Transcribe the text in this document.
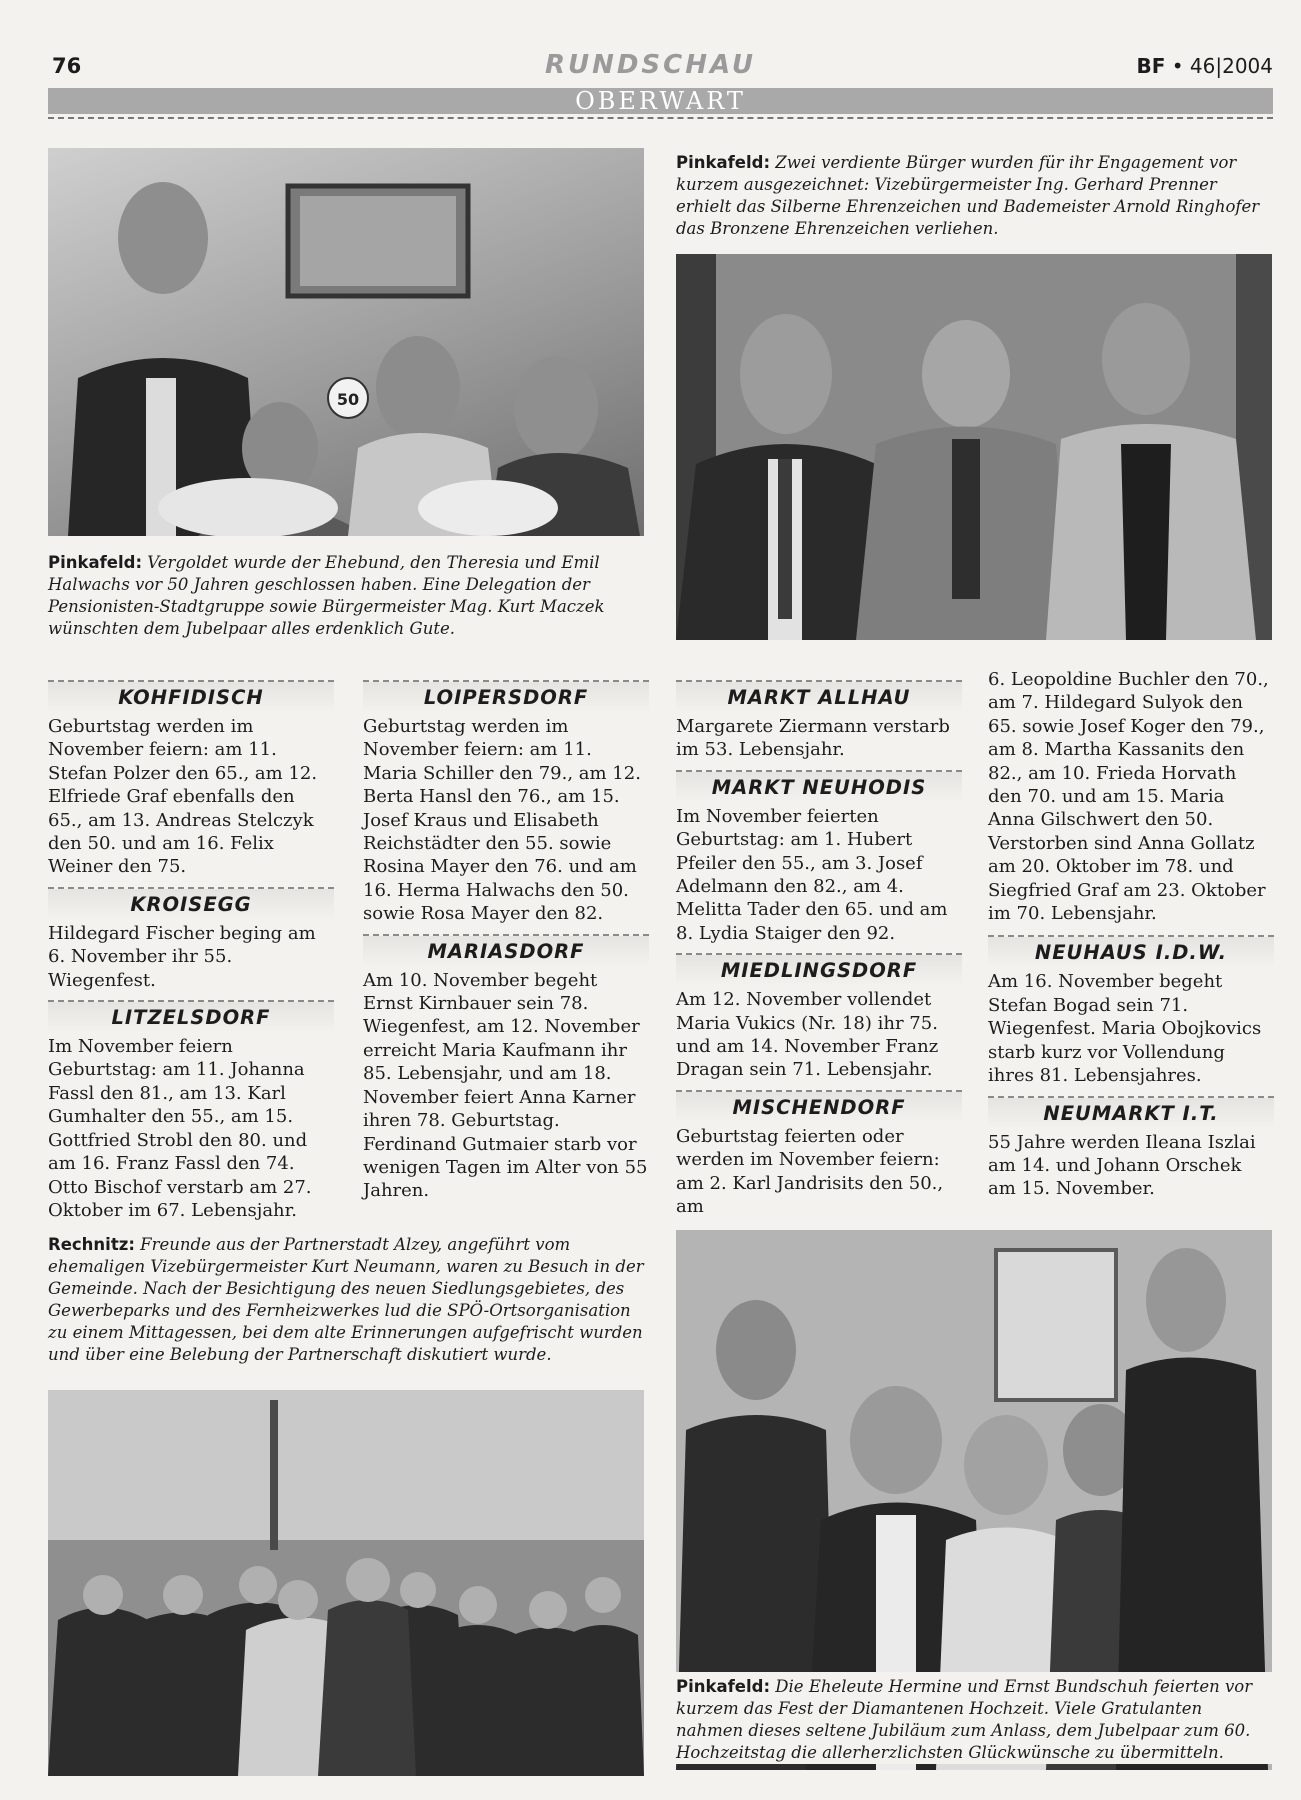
76	RUNDSCHAU	BF • 46|2004
OBERWART
50
Pinkafeld: Vergoldet wurde der Ehebund, den Theresia und Emil Halwachs vor 50 Jahren geschlossen haben. Eine Delegation der Pensionisten-Stadtgruppe sowie Bürgermeister Mag. Kurt Maczek wünschten dem Jubelpaar alles erdenklich Gute.
Pinkafeld: Zwei verdiente Bürger wurden für ihr Engagement vor kurzem ausgezeichnet: Vizebürgermeister Ing. Gerhard Prenner erhielt das Silberne Ehrenzeichen und Bademeister Arnold Ringhofer das Bronzene Ehrenzeichen verliehen.
KOHFIDISCH

Geburtstag werden im November feiern: am 11. Stefan Polzer den 65., am 12. Elfriede Graf ebenfalls den 65., am 13. Andreas Stelczyk den 50. und am 16. Felix Weiner den 75.

KROISEGG

Hildegard Fischer beging am 6. November ihr 55. Wiegenfest.

LITZELSDORF

Im November feiern Geburtstag: am 11. Johanna Fassl den 81., am 13. Karl Gumhalter den 55., am 15. Gottfried Strobl den 80. und am 16. Franz Fassl den 74.

Otto Bischof verstarb am 27. Oktober im 67. Lebensjahr.

LOIPERSDORF

Geburtstag werden im November feiern: am 11. Maria Schiller den 79., am 12. Berta Hansl den 76., am 15. Josef Kraus und Elisabeth Reichstädter den 55. sowie Rosina Mayer den 76. und am 16. Herma Halwachs den 50. sowie Rosa Mayer den 82.

MARIASDORF

Am 10. November begeht Ernst Kirnbauer sein 78. Wiegenfest, am 12. November erreicht Maria Kaufmann ihr 85. Lebensjahr, und am 18. November feiert Anna Karner ihren 78. Geburtstag.

Ferdinand Gutmaier starb vor wenigen Tagen im Alter von 55 Jahren.

MARKT ALLHAU

Margarete Ziermann verstarb im 53. Lebensjahr.

MARKT NEUHODIS

Im November feierten Geburtstag: am 1. Hubert Pfeiler den 55., am 3. Josef Adelmann den 82., am 4. Melitta Tader den 65. und am 8. Lydia Staiger den 92.

MIEDLINGSDORF

Am 12. November vollendet Maria Vukics (Nr. 18) ihr 75. und am 14. November Franz Dragan sein 71. Lebensjahr.

MISCHENDORF

Geburtstag feierten oder werden im November feiern: am 2. Karl Jandrisits den 50., am

6. Leopoldine Buchler den 70., am 7. Hildegard Sulyok den 65. sowie Josef Koger den 79., am 8. Martha Kassanits den 82., am 10. Frieda Horvath den 70. und am 15. Maria Anna Gilschwert den 50. Verstorben sind Anna Gollatz am 20. Oktober im 78. und Siegfried Graf am 23. Oktober im 70. Lebensjahr.

NEUHAUS I.D.W.

Am 16. November begeht Stefan Bogad sein 71. Wiegenfest. Maria Obojkovics starb kurz vor Vollendung ihres 81. Lebensjahres.

NEUMARKT I.T.

55 Jahre werden Ileana Iszlai am 14. und Johann Orschek am 15. November.

Rechnitz: Freunde aus der Partnerstadt Alzey, angeführt vom ehemaligen Vizebürgermeister Kurt Neumann, waren zu Besuch in der Gemeinde. Nach der Besichtigung des neuen Siedlungsgebietes, des Gewerbeparks und des Fernheizwerkes lud die SPÖ-Ortsorganisation zu einem Mittagessen, bei dem alte Erinnerungen aufgefrischt wurden und über eine Belebung der Partnerschaft diskutiert wurde.
Pinkafeld: Die Eheleute Hermine und Ernst Bundschuh feierten vor kurzem das Fest der Diamantenen Hochzeit. Viele Gratulanten nahmen dieses seltene Jubiläum zum Anlass, dem Jubelpaar zum 60. Hochzeitstag die allerherzlichsten Glückwünsche zu übermitteln.
